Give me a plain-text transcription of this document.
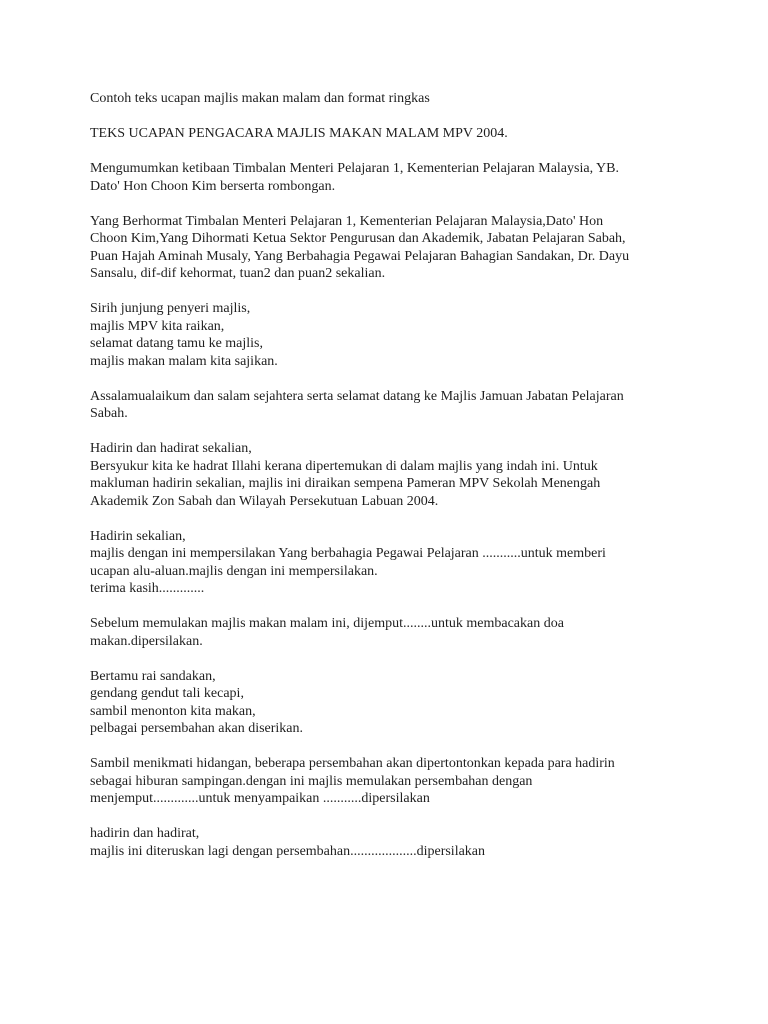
Contoh teks ucapan majlis makan malam dan format ringkas
TEKS UCAPAN PENGACARA MAJLIS MAKAN MALAM MPV 2004.
Mengumumkan ketibaan Timbalan Menteri Pelajaran 1, Kementerian Pelajaran Malaysia, YB.
Dato' Hon Choon Kim berserta rombongan.
Yang Berhormat Timbalan Menteri Pelajaran 1, Kementerian Pelajaran Malaysia,Dato' Hon
Choon Kim,Yang Dihormati Ketua Sektor Pengurusan dan Akademik, Jabatan Pelajaran Sabah,
Puan Hajah Aminah Musaly, Yang Berbahagia Pegawai Pelajaran Bahagian Sandakan, Dr. Dayu
Sansalu, dif-dif kehormat, tuan2 dan puan2 sekalian.
Sirih junjung penyeri majlis,
majlis MPV kita raikan,
selamat datang tamu ke majlis,
majlis makan malam kita sajikan.
Assalamualaikum dan salam sejahtera serta selamat datang ke Majlis Jamuan Jabatan Pelajaran
Sabah.
Hadirin dan hadirat sekalian,
Bersyukur kita ke hadrat Illahi kerana dipertemukan di dalam majlis yang indah ini. Untuk
makluman hadirin sekalian, majlis ini diraikan sempena Pameran MPV Sekolah Menengah
Akademik Zon Sabah dan Wilayah Persekutuan Labuan 2004.
Hadirin sekalian,
majlis dengan ini mempersilakan Yang berbahagia Pegawai Pelajaran ...........untuk memberi
ucapan alu-aluan.majlis dengan ini mempersilakan.
terima kasih.............
Sebelum memulakan majlis makan malam ini, dijemput........untuk membacakan doa
makan.dipersilakan.
Bertamu rai sandakan,
gendang gendut tali kecapi,
sambil menonton kita makan,
pelbagai persembahan akan diserikan.
Sambil menikmati hidangan, beberapa persembahan akan dipertontonkan kepada para hadirin
sebagai hiburan sampingan.dengan ini majlis memulakan persembahan dengan
menjemput.............untuk menyampaikan ...........dipersilakan
hadirin dan hadirat,
majlis ini diteruskan lagi dengan persembahan...................dipersilakan
